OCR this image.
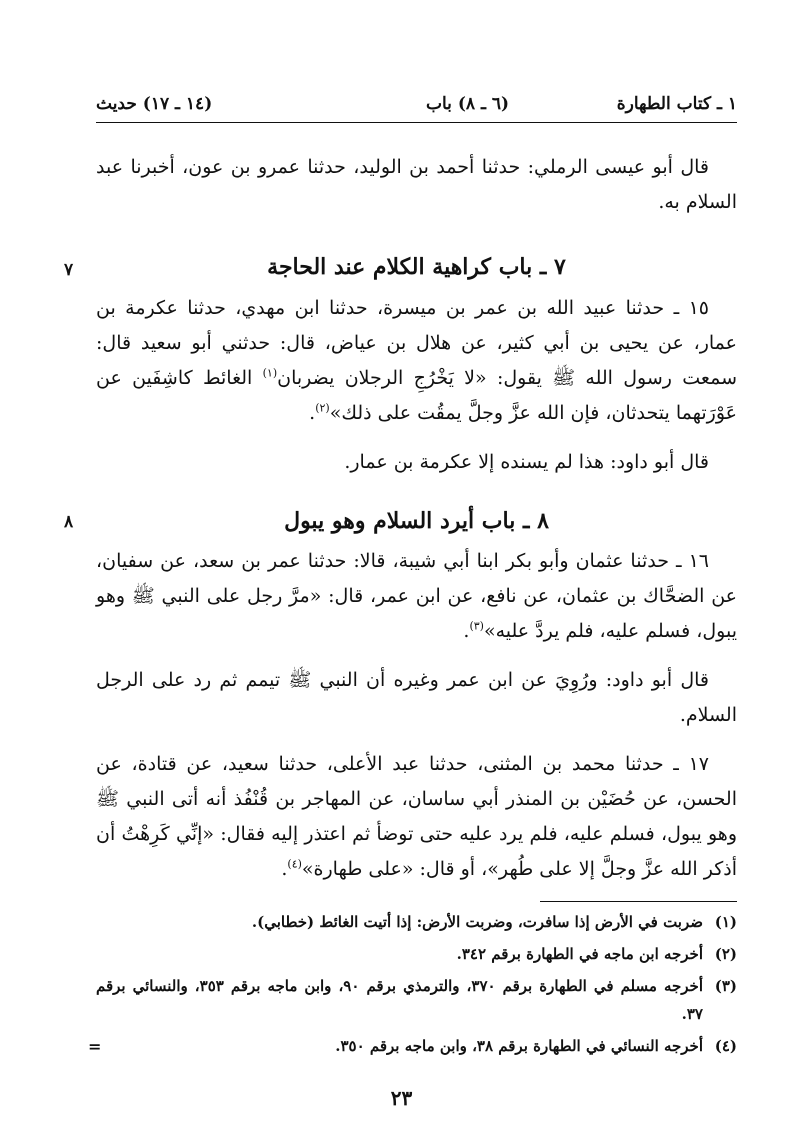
١ ـ كتاب الطهارة
(٦ ـ ٨) باب
(١٤ ـ ١٧) حديث

قال أبو عيسى الرملي: حدثنا أحمد بن الوليد، حدثنا عمرو بن عون، أخبرنا عبد السلام به.

٧	٧ ـ باب كراهية الكلام عند الحاجة

١٥ ـ حدثنا عبيد الله بن عمر بن ميسرة، حدثنا ابن مهدي، حدثنا عكرمة بن عمار، عن يحيى بن أبي كثير، عن هلال بن عياض، قال: حدثني أبو سعيد قال: سمعت رسول الله ﷺ يقول: «لا يَخْرُجِ الرجلان يضربان$^{(١)}$ الغائط كاشِفَين عن عَوْرَتهما يتحدثان، فإن الله عزَّ وجلَّ يمقُت على ذلك»$^{(٢)}$.

قال أبو داود: هذا لم يسنده إلا عكرمة بن عمار.

٨	٨ ـ باب أيرد السلام وهو يبول

١٦ ـ حدثنا عثمان وأبو بكر ابنا أبي شيبة، قالا: حدثنا عمر بن سعد، عن سفيان، عن الضحَّاك بن عثمان، عن نافع، عن ابن عمر، قال: «مرَّ رجل على النبي ﷺ وهو يبول، فسلم عليه، فلم يردَّ عليه»$^{(٣)}$.

قال أبو داود: ورُوِيَ عن ابن عمر وغيره أن النبي ﷺ تيمم ثم رد على الرجل السلام.

١٧ ـ حدثنا محمد بن المثنى، حدثنا عبد الأعلى، حدثنا سعيد، عن قتادة، عن الحسن، عن حُضَيْن بن المنذر أبي ساسان، عن المهاجر بن قُنْفُذ أنه أتى النبي ﷺ وهو يبول، فسلم عليه، فلم يرد عليه حتى توضأ ثم اعتذر إليه فقال: «إنِّي كَرِهْتُ أن أذكر الله عزَّ وجلَّ إلا على طُهر»، أو قال: «على طهارة»$^{(٤)}$.

(١)
ضربت في الأرض إذا سافرت، وضربت الأرض: إذا أتيت الغائط (خطابي).
(٢)
أخرجه ابن ماجه في الطهارة برقم ٣٤٢.
(٣)
أخرجه مسلم في الطهارة برقم ٣٧٠، والترمذي برقم ٩٠، وابن ماجه برقم ٣٥٣، والنسائي برقم ٣٧.
(٤)
أخرجه النسائي في الطهارة برقم ٣٨، وابن ماجه برقم ٣٥٠.
=
٢٣
